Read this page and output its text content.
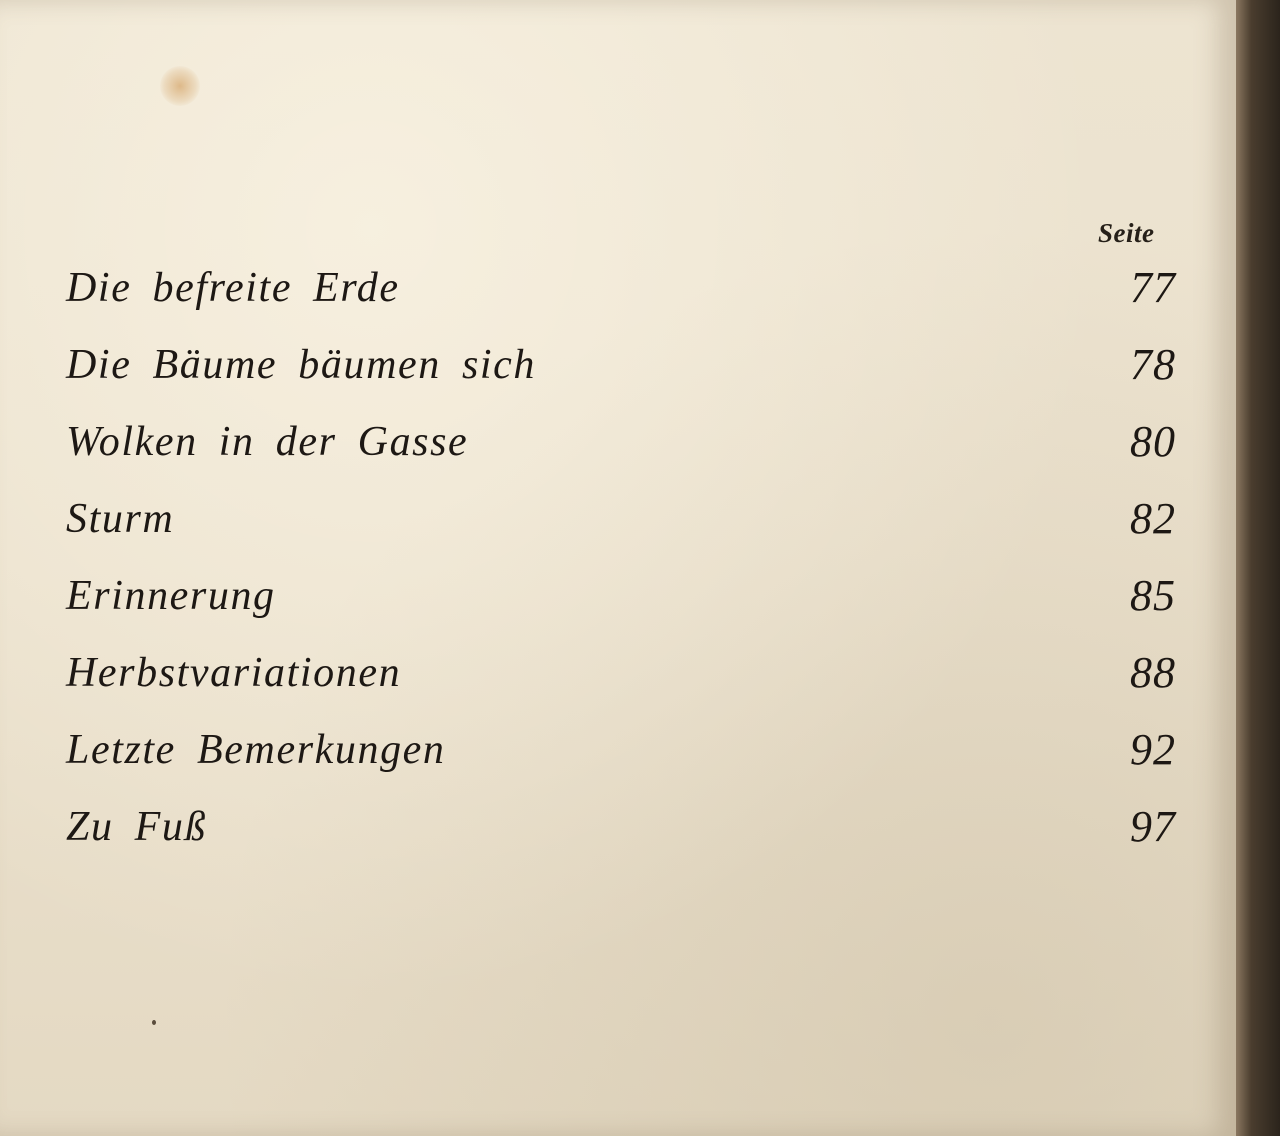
Seite
Die befreite Erde	77
Die Bäume bäumen sich	78
Wolken in der Gasse	80
Sturm	82
Erinnerung	85
Herbstvariationen	88
Letzte Bemerkungen	92
Zu Fuß	97
